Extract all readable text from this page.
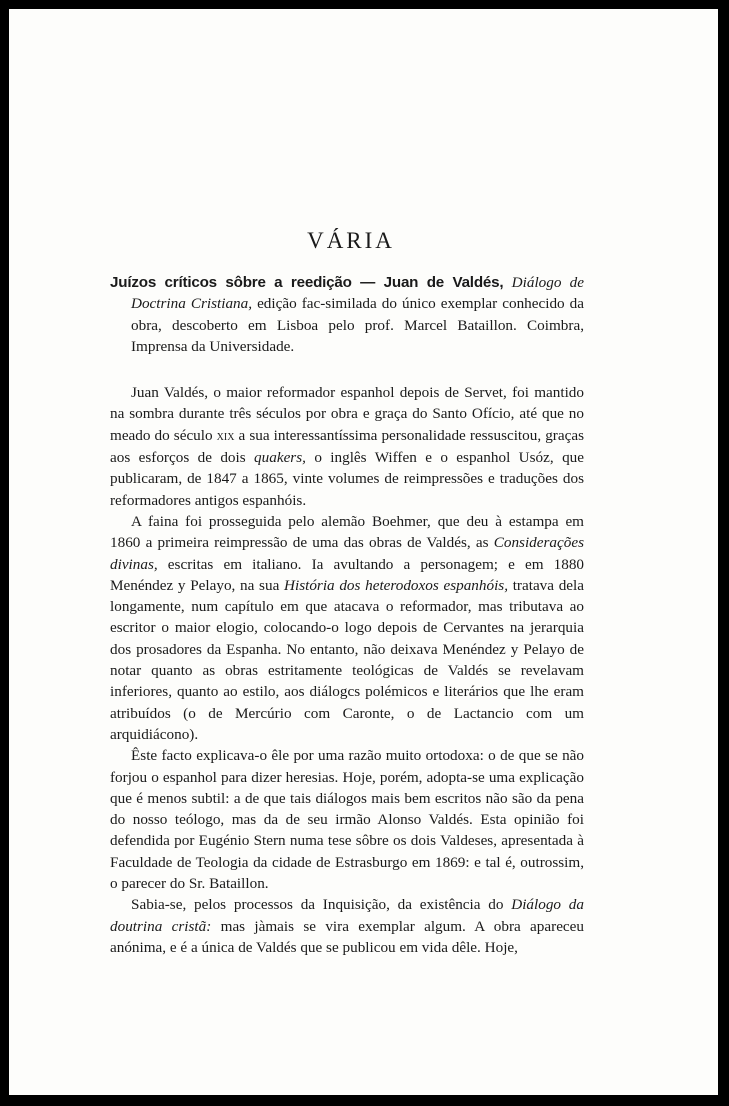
VÁRIA

Juízos críticos sôbre a reedição — Juan de Valdés, Diálogo de Doctrina Cristiana, edição fac-similada do único exemplar conhecido da obra, descoberto em Lisboa pelo prof. Marcel Bataillon. Coimbra, Imprensa da Universidade.

Juan Valdés, o maior reformador espanhol depois de Servet, foi mantido na sombra durante três séculos por obra e graça do Santo Ofício, até que no meado do século xix a sua interessantíssima personalidade ressuscitou, graças aos esforços de dois quakers, o inglês Wiffen e o espanhol Usóz, que publicaram, de 1847 a 1865, vinte volumes de reimpressões e traduções dos reformadores antigos espanhóis.

A faina foi prosseguida pelo alemão Boehmer, que deu à estampa em 1860 a primeira reimpressão de uma das obras de Valdés, as Considerações divinas, escritas em italiano. Ia avultando a personagem; e em 1880 Menéndez y Pelayo, na sua História dos heterodoxos espanhóis, tratava dela longamente, num capítulo em que atacava o reformador, mas tributava ao escritor o maior elogio, colocando-o logo depois de Cervantes na jerarquia dos prosadores da Espanha. No entanto, não deixava Menéndez y Pelayo de notar quanto as obras estritamente teológicas de Valdés se revelavam inferiores, quanto ao estilo, aos diálogcs polémicos e literários que lhe eram atribuídos (o de Mercúrio com Caronte, o de Lactancio com um arquidiácono).

Êste facto explicava-o êle por uma razão muito ortodoxa: o de que se não forjou o espanhol para dizer heresias. Hoje, porém, adopta-se uma explicação que é menos subtil: a de que tais diálogos mais bem escritos não são da pena do nosso teólogo, mas da de seu irmão Alonso Valdés. Esta opinião foi defendida por Eugénio Stern numa tese sôbre os dois Valdeses, apresentada à Faculdade de Teologia da cidade de Estrasburgo em 1869: e tal é, outrossim, o parecer do Sr. Bataillon.

Sabia-se, pelos processos da Inquisição, da existência do Diálogo da doutrina cristã: mas jàmais se vira exemplar algum. A obra apareceu anónima, e é a única de Valdés que se publicou em vida dêle. Hoje,
